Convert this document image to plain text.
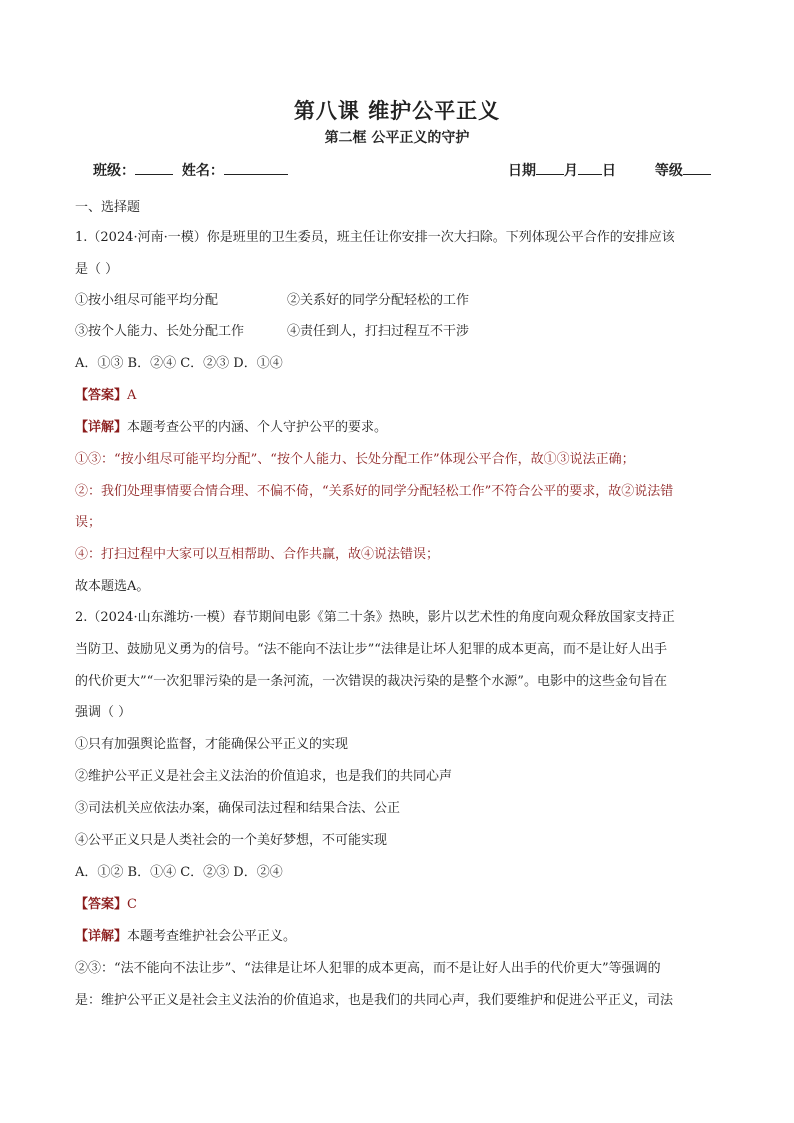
第八课 维护公平正义
第二框 公平正义的守护
班级：	姓名：	日期 月 日	等级
一、选择题
1.（2024·河南·一模）你是班里的卫生委员，班主任让你安排一次大扫除。下列体现公平合作的安排应该
是（ ）
①按小组尽可能平均分配	②关系好的同学分配轻松的工作
③按个人能力、长处分配工作	④责任到人，打扫过程互不干涉
A．①③ B．②④ C．②③ D．①④
【答案】A
【详解】本题考查公平的内涵、个人守护公平的要求。
①③：“按小组尽可能平均分配”、“按个人能力、长处分配工作”体现公平合作，故①③说法正确；
②：我们处理事情要合情合理、不偏不倚，“关系好的同学分配轻松工作”不符合公平的要求，故②说法错
误；
④：打扫过程中大家可以互相帮助、合作共赢，故④说法错误；
故本题选A。
2.（2024·山东潍坊·一模）春节期间电影《第二十条》热映，影片以艺术性的角度向观众释放国家支持正
当防卫、鼓励见义勇为的信号。“法不能向不法让步”“法律是让坏人犯罪的成本更高，而不是让好人出手
的代价更大”“一次犯罪污染的是一条河流，一次错误的裁决污染的是整个水源”。电影中的这些金句旨在
强调（ ）
①只有加强舆论监督，才能确保公平正义的实现
②维护公平正义是社会主义法治的价值追求，也是我们的共同心声
③司法机关应依法办案，确保司法过程和结果合法、公正
④公平正义只是人类社会的一个美好梦想，不可能实现
A．①② B．①④ C．②③ D．②④
【答案】C
【详解】本题考查维护社会公平正义。
②③：“法不能向不法让步”、“法律是让坏人犯罪的成本更高，而不是让好人出手的代价更大”等强调的
是：维护公平正义是社会主义法治的价值追求，也是我们的共同心声，我们要维护和促进公平正义，司法
